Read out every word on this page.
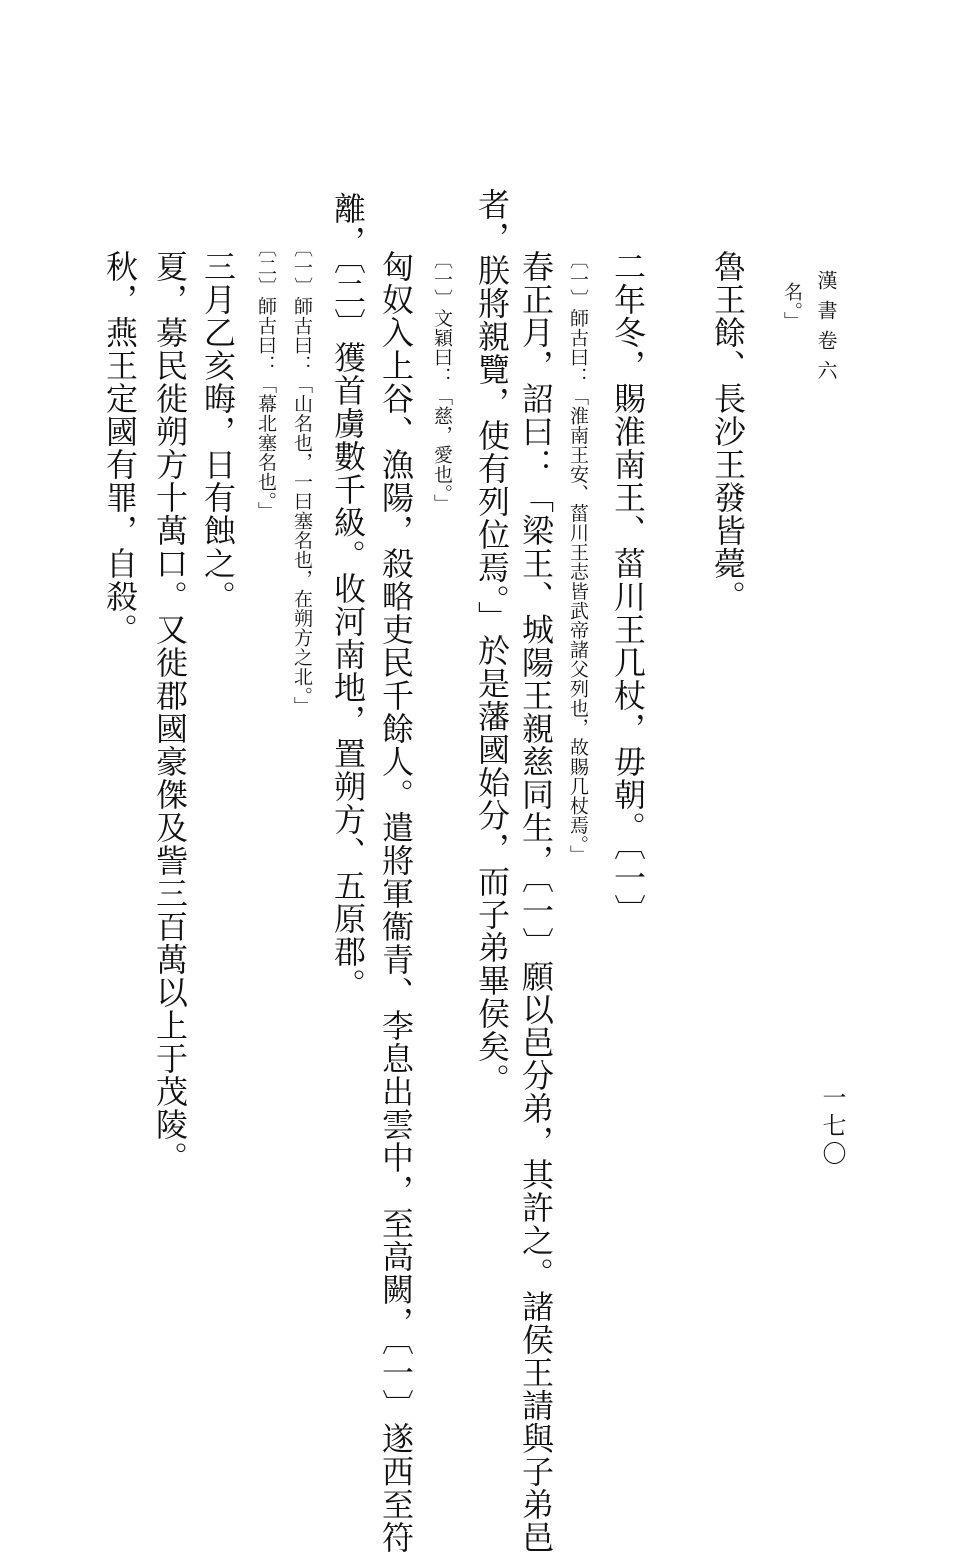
漢書卷六
一七〇
名。」
魯王餘、長沙王發皆薨。
二年冬，賜淮南王、菑川王几杖，毋朝。〔一〕
〔一〕師古曰：「淮南王安、菑川王志皆武帝諸父列也，故賜几杖焉。」
春正月，詔曰：「梁王、城陽王親慈同生，〔一〕願以邑分弟，其許之。諸侯王請與子弟邑
者，朕將親覽，使有列位焉。」於是藩國始分，而子弟畢侯矣。
〔一〕文穎曰：「慈，愛也。」
匈奴入上谷、漁陽，殺略吏民千餘人。遣將軍衞青、李息出雲中，至高闕，〔一〕遂西至符
離，〔二〕獲首虜數千級。收河南地，置朔方、五原郡。
〔一〕師古曰：「山名也，一曰塞名也，在朔方之北。」
〔二〕師古曰：「幕北塞名也。」
三月乙亥晦，日有蝕之。
夏，募民徙朔方十萬口。又徙郡國豪傑及訾三百萬以上于茂陵。
秋，燕王定國有罪，自殺。
